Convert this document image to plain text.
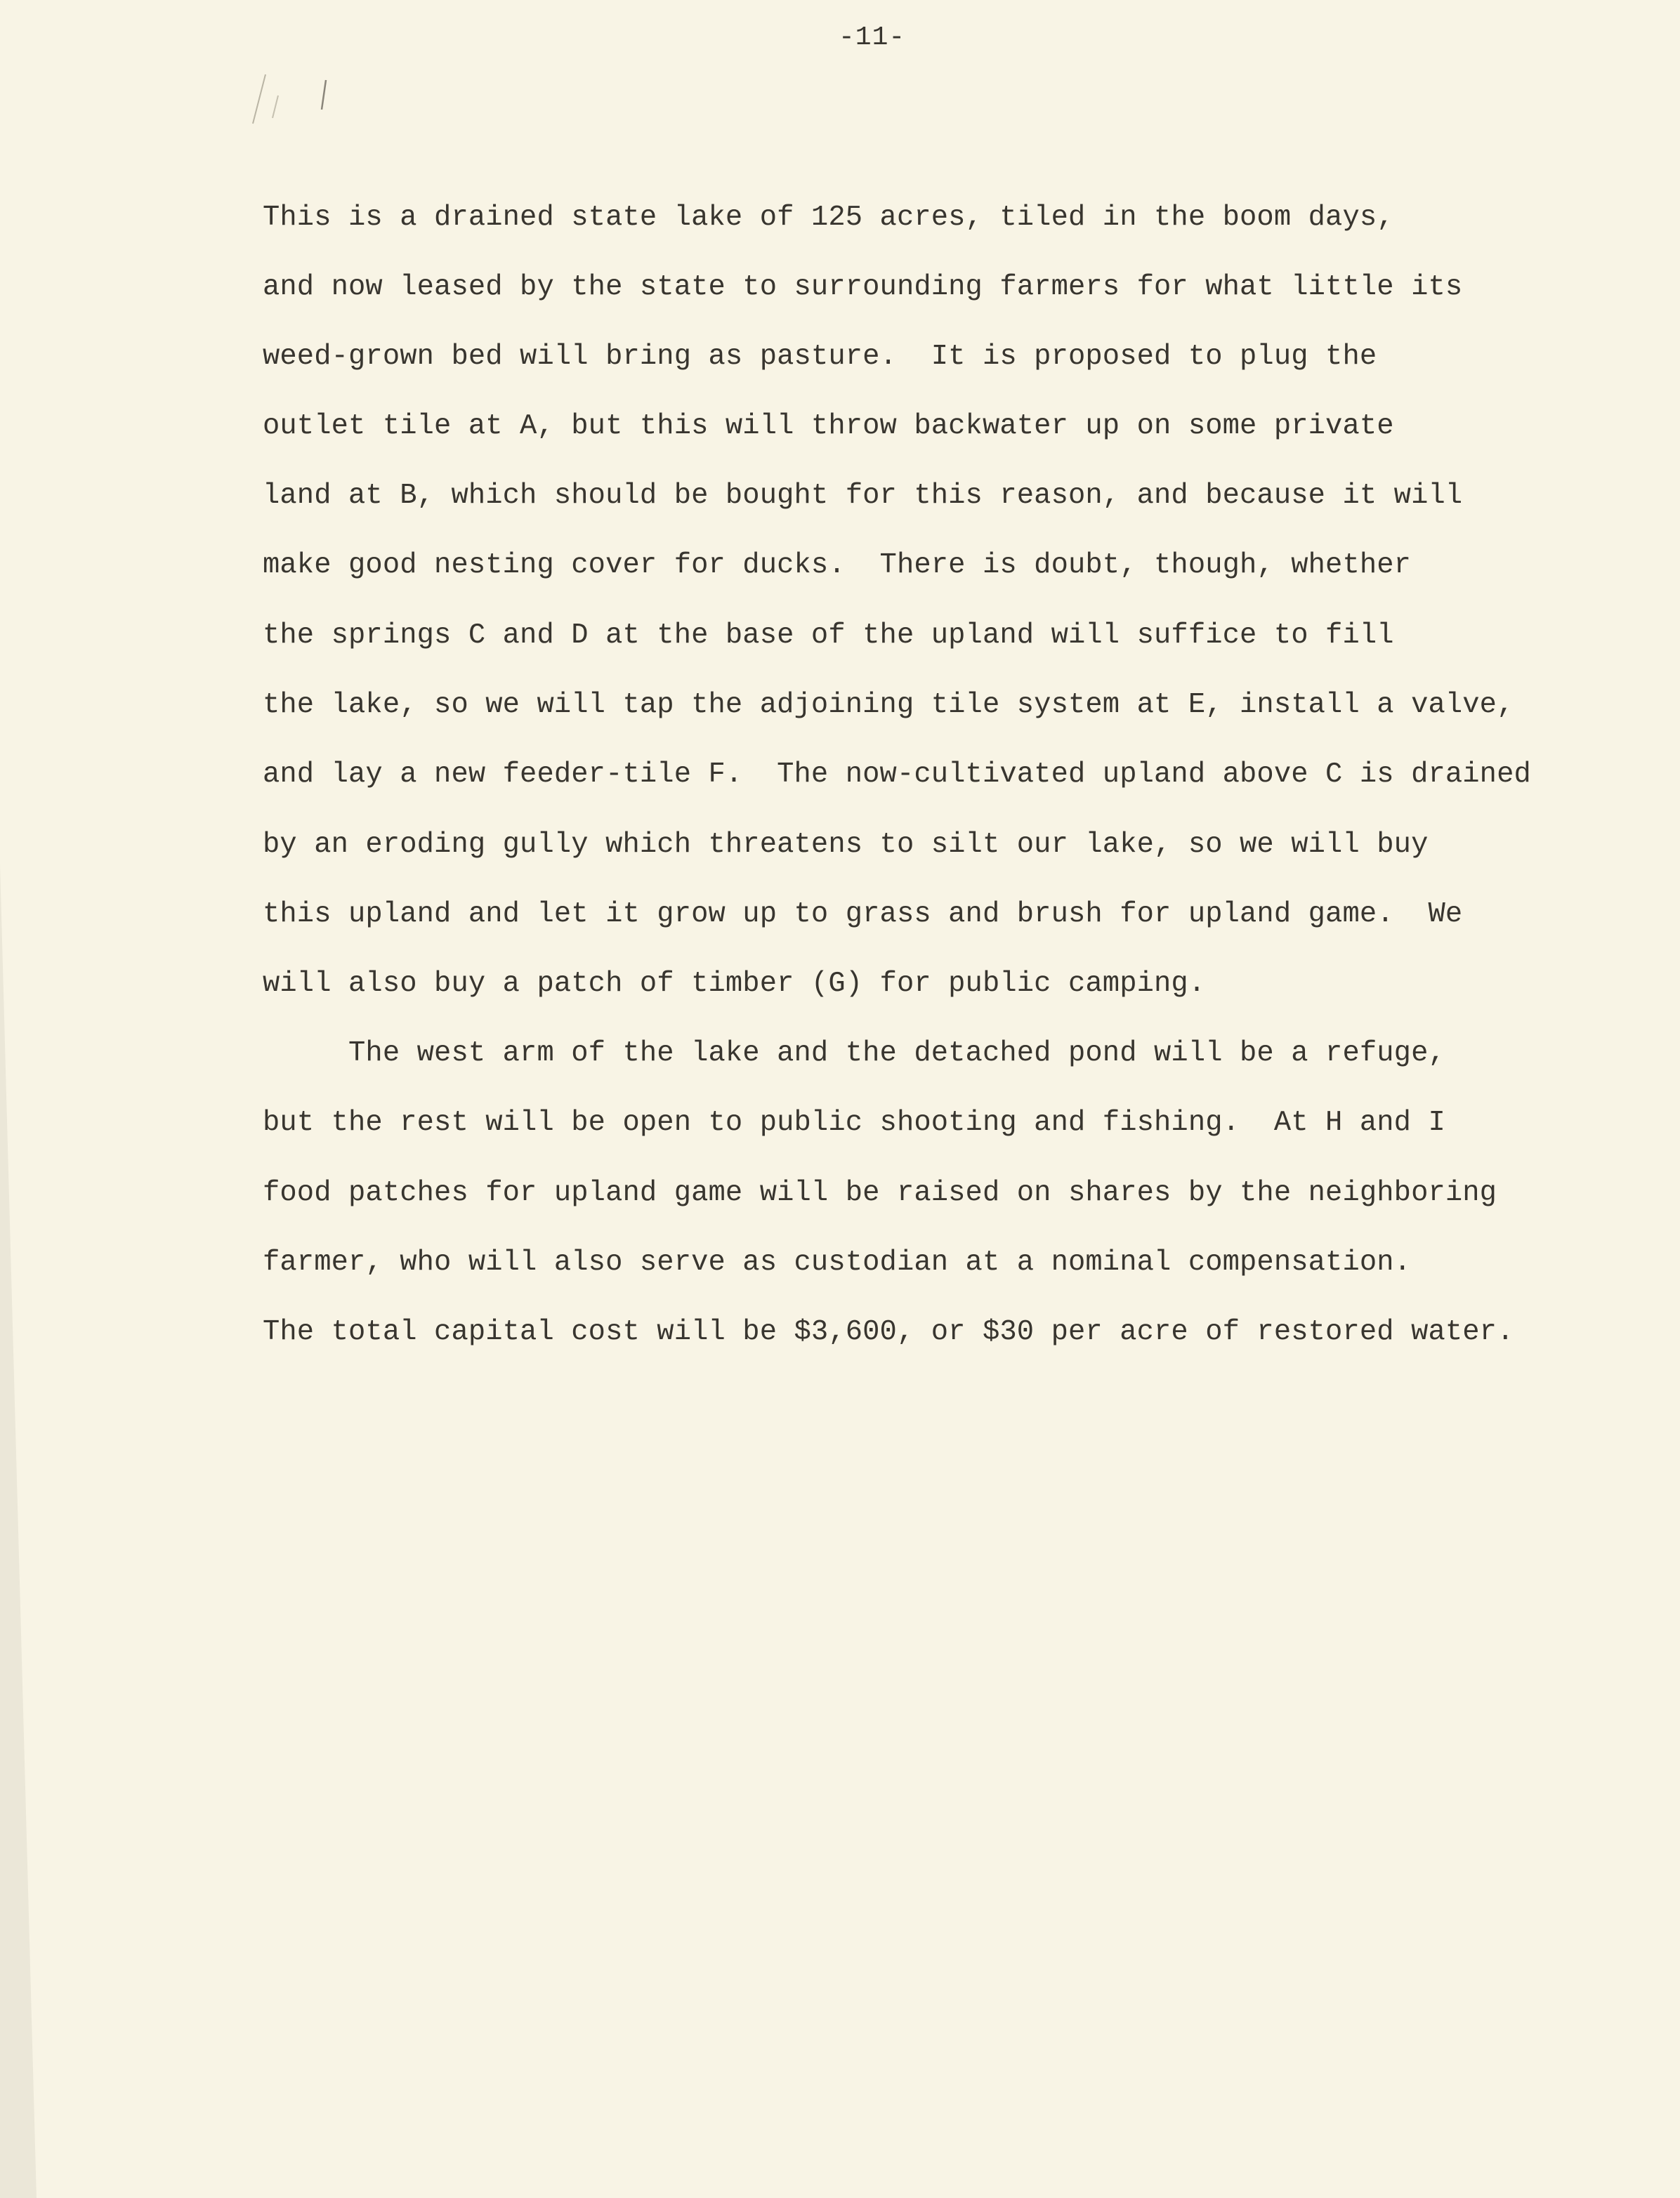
-11-
This is a drained state lake of 125 acres, tiled in the boom days,
and now leased by the state to surrounding farmers for what little its
weed-grown bed will bring as pasture.  It is proposed to plug the
outlet tile at A, but this will throw backwater up on some private
land at B, which should be bought for this reason, and because it will
make good nesting cover for ducks.  There is doubt, though, whether
the springs C and D at the base of the upland will suffice to fill
the lake, so we will tap the adjoining tile system at E, install a valve,
and lay a new feeder-tile F.  The now-cultivated upland above C is drained
by an eroding gully which threatens to silt our lake, so we will buy
this upland and let it grow up to grass and brush for upland game.  We
will also buy a patch of timber (G) for public camping.
The west arm of the lake and the detached pond will be a refuge,
but the rest will be open to public shooting and fishing.  At H and I
food patches for upland game will be raised on shares by the neighboring
farmer, who will also serve as custodian at a nominal compensation.
The total capital cost will be $3,600, or $30 per acre of restored water.
